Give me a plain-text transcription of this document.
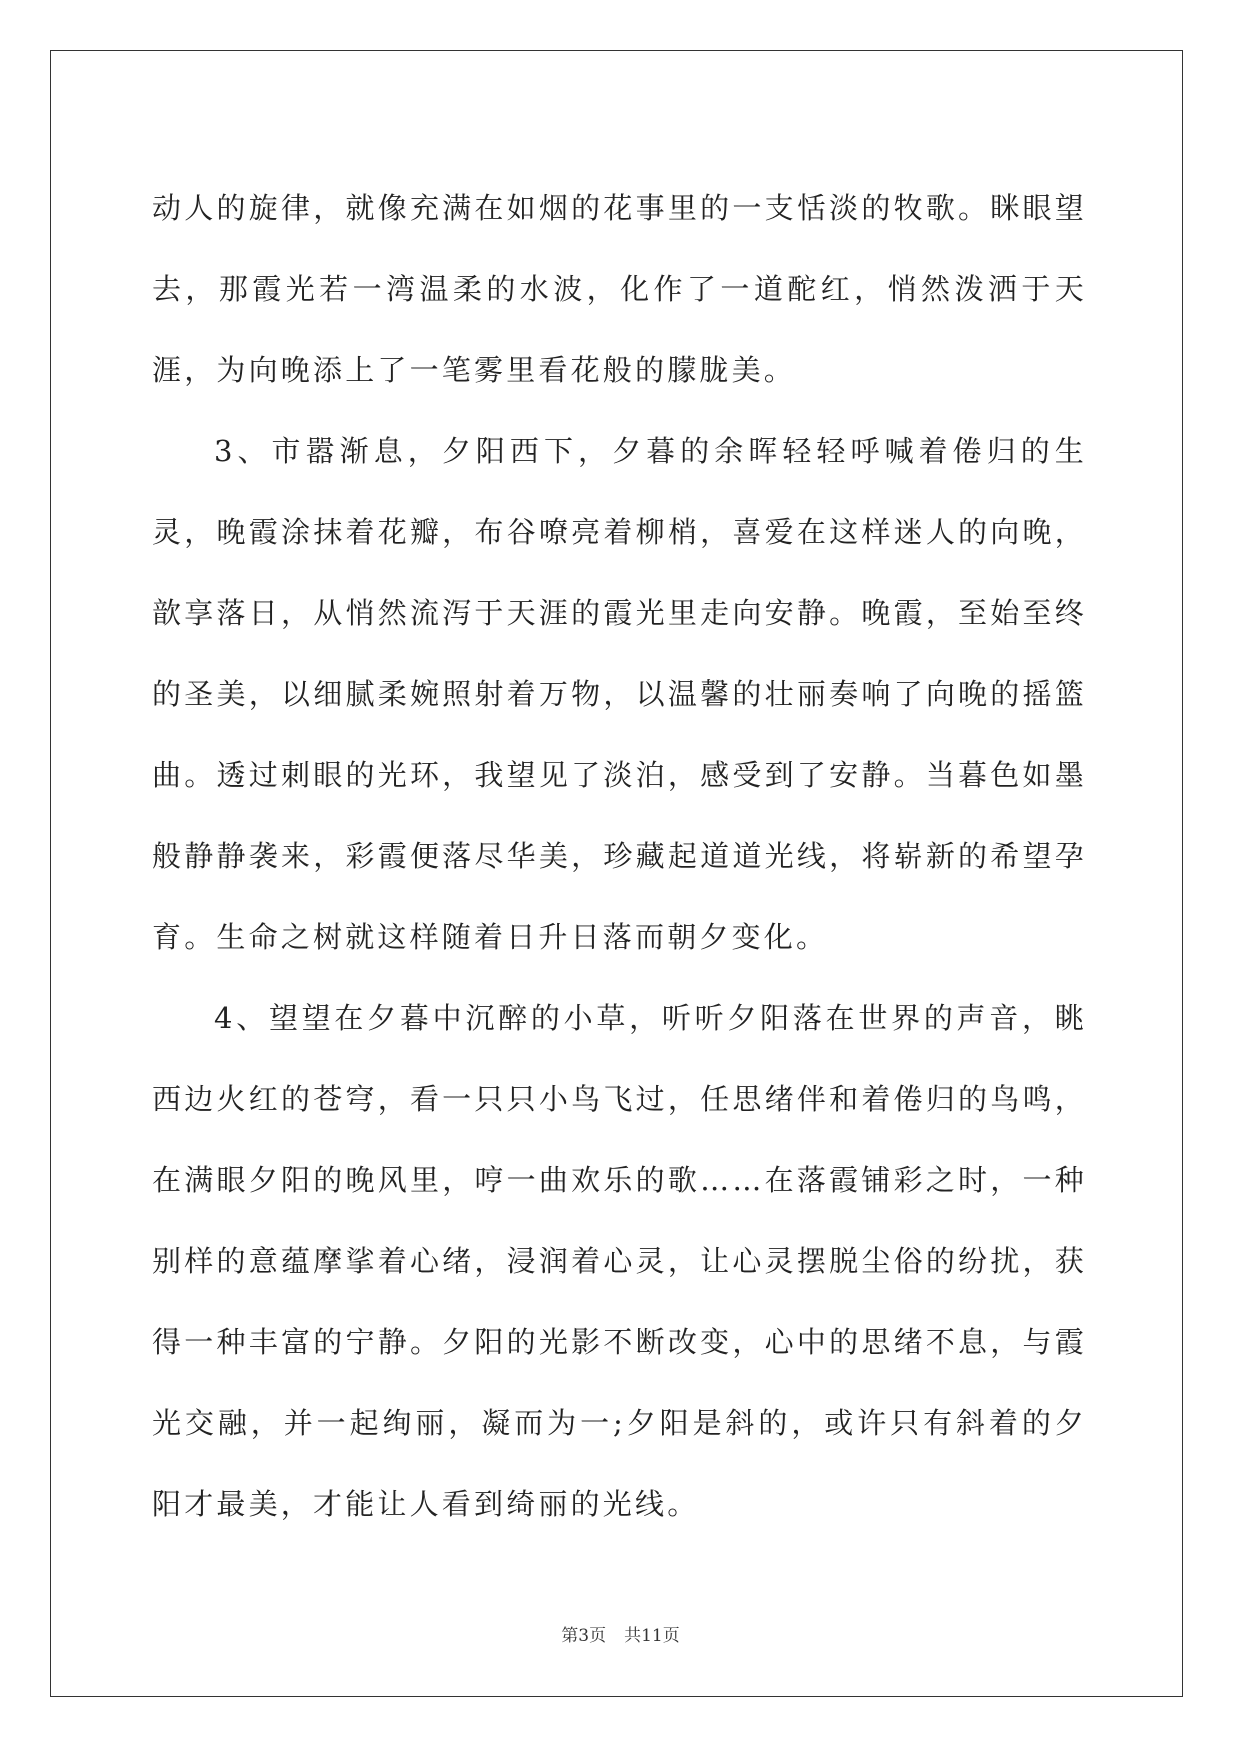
动人的旋律，就像充满在如烟的花事里的一支恬淡的牧歌。眯眼望去，那霞光若一湾温柔的水波，化作了一道酡红，悄然泼洒于天涯，为向晚添上了一笔雾里看花般的朦胧美。

3、市嚣渐息，夕阳西下，夕暮的余晖轻轻呼喊着倦归的生灵，晚霞涂抹着花瓣，布谷嘹亮着柳梢，喜爱在这样迷人的向晚，歆享落日，从悄然流泻于天涯的霞光里走向安静。晚霞，至始至终的圣美，以细腻柔婉照射着万物，以温馨的壮丽奏响了向晚的摇篮曲。透过刺眼的光环，我望见了淡泊，感受到了安静。当暮色如墨般静静袭来，彩霞便落尽华美，珍藏起道道光线，将崭新的希望孕育。生命之树就这样随着日升日落而朝夕变化。

4、望望在夕暮中沉醉的小草，听听夕阳落在世界的声音，眺西边火红的苍穹，看一只只小鸟飞过，任思绪伴和着倦归的鸟鸣，在满眼夕阳的晚风里，哼一曲欢乐的歌……在落霞铺彩之时，一种别样的意蕴摩挲着心绪，浸润着心灵，让心灵摆脱尘俗的纷扰，获得一种丰富的宁静。夕阳的光影不断改变，心中的思绪不息，与霞光交融，并一起绚丽，凝而为一;夕阳是斜的，或许只有斜着的夕阳才最美，才能让人看到绮丽的光线。

第3页 共11页
